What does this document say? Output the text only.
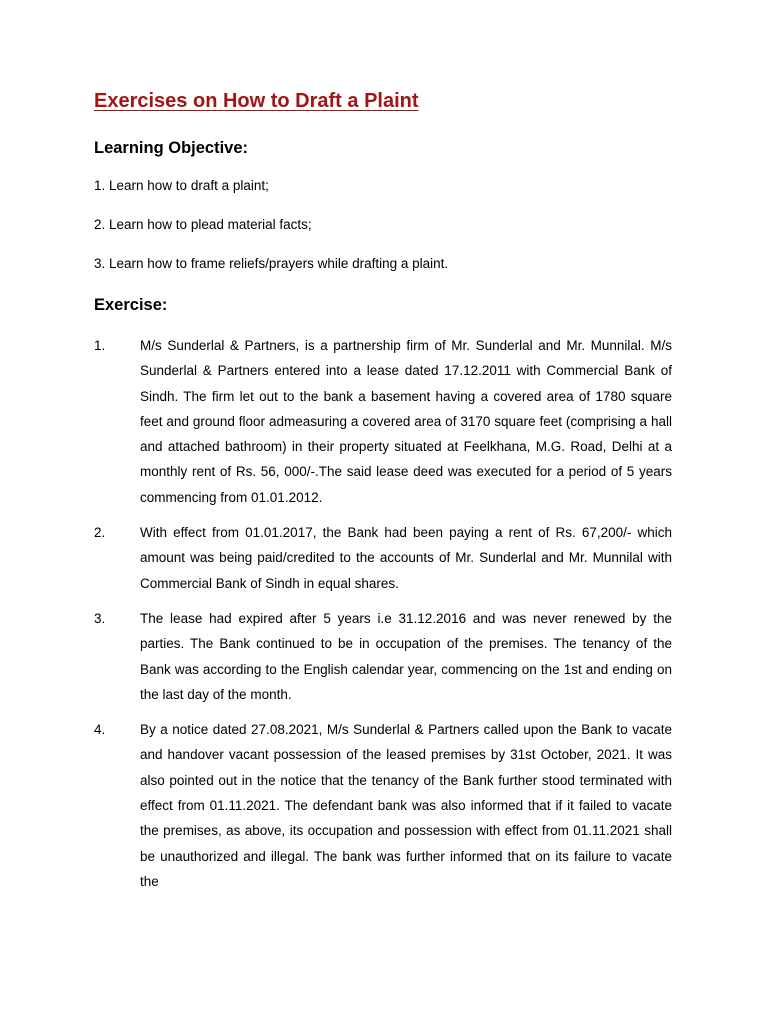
Exercises on How to Draft a Plaint
Learning Objective:
1. Learn how to draft a plaint;
2. Learn how to plead material facts;
3. Learn how to frame reliefs/prayers while drafting a plaint.
Exercise:
1.	M/s Sunderlal & Partners, is a partnership firm of Mr. Sunderlal and Mr. Munnilal. M/s Sunderlal & Partners entered into a lease dated 17.12.2011 with Commercial Bank of Sindh. The firm let out to the bank a basement having a covered area of 1780 square feet and ground floor admeasuring a covered area of 3170 square feet (comprising a hall and attached bathroom) in their property situated at Feelkhana, M.G. Road, Delhi at a monthly rent of Rs. 56, 000/-.The said lease deed was executed for a period of 5 years commencing from 01.01.2012.
2.	With effect from 01.01.2017, the Bank had been paying a rent of Rs. 67,200/- which amount was being paid/credited to the accounts of Mr. Sunderlal and Mr. Munnilal with Commercial Bank of Sindh in equal shares.
3.	The lease had expired after 5 years i.e 31.12.2016 and was never renewed by the parties. The Bank continued to be in occupation of the premises. The tenancy of the Bank was according to the English calendar year, commencing on the 1st and ending on the last day of the month.
4.	By a notice dated 27.08.2021, M/s Sunderlal & Partners called upon the Bank to vacate and handover vacant possession of the leased premises by 31st October, 2021. It was also pointed out in the notice that the tenancy of the Bank further stood terminated with effect from 01.11.2021. The defendant bank was also informed that if it failed to vacate the premises, as above, its occupation and possession with effect from 01.11.2021 shall be unauthorized and illegal. The bank was further informed that on its failure to vacate the
